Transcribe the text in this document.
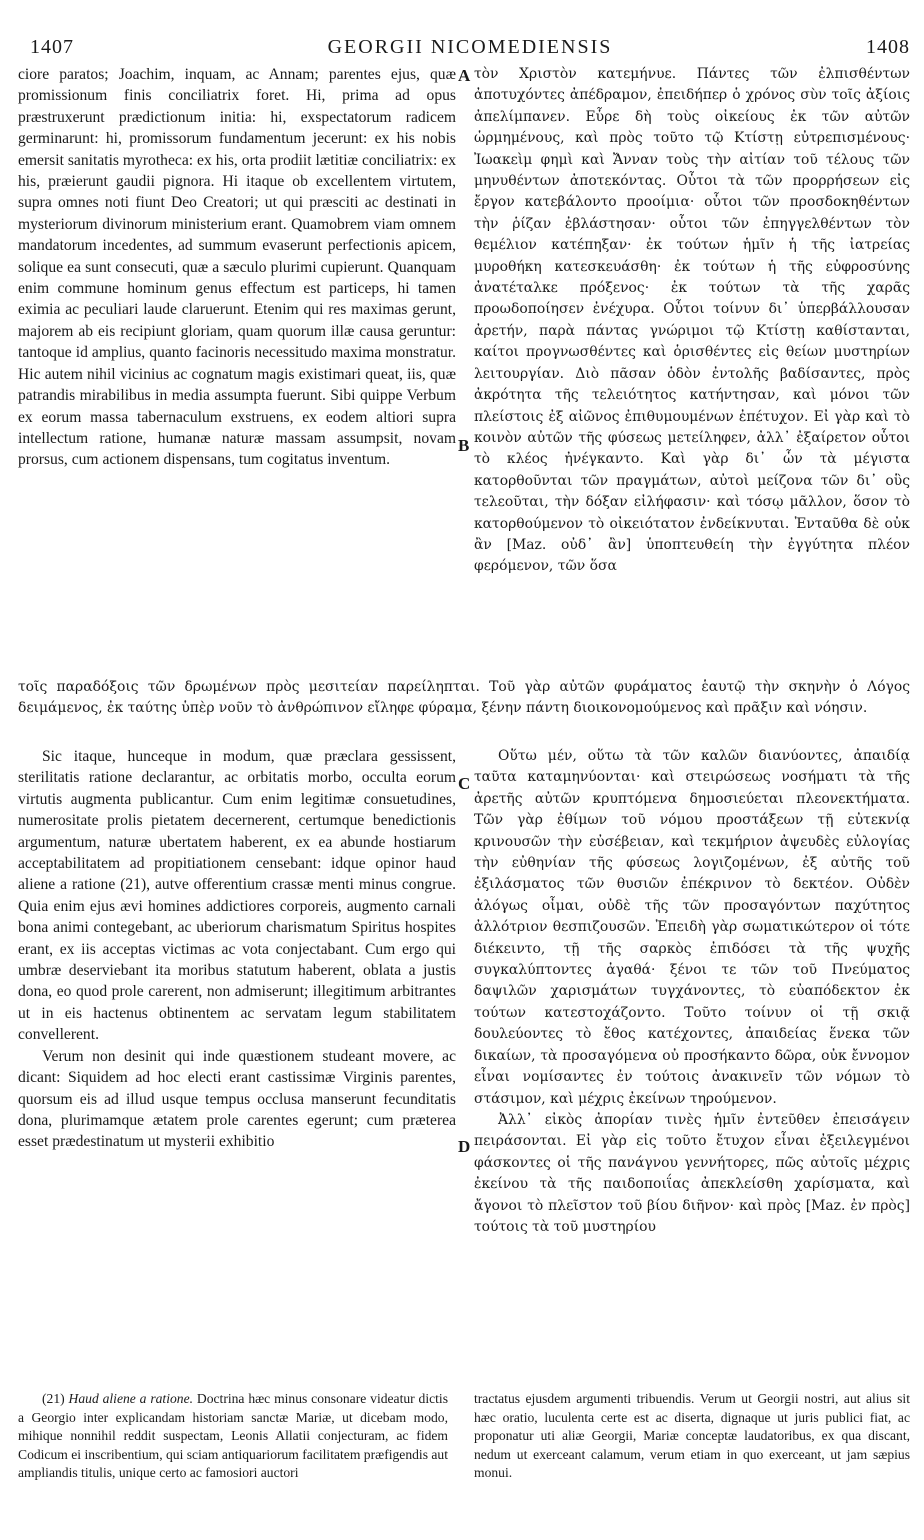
1407	GEORGII NICOMEDIENSIS	1408

ciore paratos; Joachim, inquam, ac Annam; parentes ejus, quæ promissionum finis conciliatrix foret. Hi, prima ad opus præstruxerunt prædictionum initia: hi, exspectatorum radicem germinarunt: hi, promissorum fundamentum jecerunt: ex his nobis emersit sanitatis myrothecа: ex his, orta prodiit lætitiæ conciliatrix: ex his, præierunt gaudii pignora. Hi itaque ob excellentem virtutem, supra omnes noti fiunt Deo Creatori; ut qui præsciti ac destinati in mysteriorum divinorum ministerium erant. Quamobrem viam omnem mandatorum incedentes, ad summum evaserunt perfectionis apicem, solique ea sunt consecuti, quæ a sæculo plurimi cupierunt. Quanquam enim commune hominum genus effectum est particeps, hi tamen eximia ac peculiari laude claruerunt. Etenim qui res maximas gerunt, majorem ab eis recipiunt gloriam, quam quorum illæ causa geruntur: tantoque id amplius, quanto facinoris necessitudo maxima monstratur. Hic autem nihil vicinius ac cognatum magis existimari queat, iis, quæ patrandis mirabilibus in media assumpta fuerunt. Sibi quippe Verbum ex eorum massa tabernaculum exstruens, ex eodem altiori supra intellectum ratione, humanæ naturæ massam assumpsit, novam prorsus, cum actionem dispensans, tum cogitatus inventum.

A
B

τὸν Χριστὸν κατεμήνυε. Πάντες τῶν ἐλπισθέντων ἀποτυχόντες ἀπέδραμον, ἐπειδήπερ ὁ χρόνος σὺν τοῖς ἀξίοις ἀπελίμπανεν. Εὗρε δὴ τοὺς οἰκείους ἐκ τῶν αὐτῶν ὡρμημένους, καὶ πρὸς τοῦτο τῷ Κτίστῃ εὐτρεπισμένους· Ἰωακεὶμ φημὶ καὶ Ἄνναν τοὺς τὴν αἰτίαν τοῦ τέλους τῶν μηνυθέντων ἀποτεκόντας. Οὗτοι τὰ τῶν προρρήσεων εἰς ἔργον κατεβάλοντο προοίμια· οὗτοι τῶν προσδοκηθέντων τὴν ῥίζαν ἐβλάστησαν· οὗτοι τῶν ἐπηγγελθέντων τὸν θεμέλιον κατέπηξαν· ἐκ τούτων ἡμῖν ἡ τῆς ἰατρείας μυροθήκη κατεσκευάσθη· ἐκ τούτων ἡ τῆς εὐφροσύνης ἀνατέταλκε πρόξενος· ἐκ τούτων τὰ τῆς χαρᾶς προωδοποίησεν ἐνέχυρα. Οὗτοι τοίνυν δι᾽ ὑπερβάλλουσαν ἀρετήν, παρὰ πάντας γνώριμοι τῷ Κτίστῃ καθίστανται, καίτοι προγνωσθέντες καὶ ὁρισθέντες εἰς θείων μυστηρίων λειτουργίαν. Διὸ πᾶσαν ὁδὸν ἐντολῆς βαδίσαντες, πρὸς ἀκρότητα τῆς τελειότητος κατήντησαν, καὶ μόνοι τῶν πλείστοις ἐξ αἰῶνος ἐπιθυμουμένων ἐπέτυχον. Εἰ γὰρ καὶ τὸ κοινὸν αὐτῶν τῆς φύσεως μετείληφεν, ἀλλ᾽ ἐξαίρετον οὗτοι τὸ κλέος ἠνέγκαντο. Καὶ γὰρ δι᾽ ὧν τὰ μέγιστα κατορθοῦνται τῶν πραγμάτων, αὐτοὶ μείζονα τῶν δι᾽ οὓς τελεοῦται, τὴν δόξαν εἰλήφασιν· καὶ τόσῳ μᾶλλον, ὅσον τὸ κατορθούμενον τὸ οἰκειότατον ἐνδείκνυται. Ἐνταῦθα δὲ οὐκ ἂν [Maz. οὐδ᾽ ἂν] ὑποπτευθείη τὴν ἐγγύτητα πλέον φερόμενον, τῶν ὅσα

τοῖς παραδόξοις τῶν δρωμένων πρὸς μεσιτείαν παρείληπται. Τοῦ γὰρ αὐτῶν φυράματος ἑαυτῷ τὴν σκηνὴν ὁ Λόγος δειμάμενος, ἐκ ταύτης ὑπὲρ νοῦν τὸ ἀνθρώπινον εἴληφε φύραμα, ξένην πάντη διοικονομούμενος καὶ πρᾶξιν καὶ νόησιν.

Sic itaque, hunceque in modum, quæ præclara gessissent, sterilitatis ratione declarantur, ac orbitatis morbo, occulta eorum virtutis augmenta publicantur. Cum enim legitimæ consuetudines, numerositate prolis pietatem decernerent, certumque benedictionis argumentum, naturæ ubertatem haberent, ex ea abunde hostiarum acceptabilitatem ad propitiationem censebant: idque opinor haud aliene a ratione (21), autve offerentium crassæ menti minus congrue. Quia enim ejus ævi homines addictiores corporeis, augmento carnali bona animi contegebant, ac uberiorum charismatum Spiritus hospites erant, ex iis acceptas victimas ac vota conjectabant. Cum ergo qui umbræ deserviebant ita moribus statutum haberent, oblata a justis dona, eo quod prole carerent, non admiserunt; illegitimum arbitrantes ut in eis hactenus obtinentem ac servatam legum stabilitatem convellerent.

Verum non desinit qui inde quæstionem studeant movere, ac dicant: Siquidem ad hoc electi erant castissimæ Virginis parentes, quorsum eis ad illud usque tempus occlusa manserunt fecunditatis dona, plurimamque ætatem prole carentes egerunt; cum præterea esset prædestinatum ut mysterii exhibitio

C
D

Οὕτω μέν, οὕτω τὰ τῶν καλῶν διανύοντες, ἀπαιδίᾳ ταῦτα καταμηνύονται· καὶ στειρώσεως νοσήματι τὰ τῆς ἀρετῆς αὐτῶν κρυπτόμενα δημοσιεύεται πλεονεκτήματα. Τῶν γὰρ ἐθίμων τοῦ νόμου προστάξεων τῇ εὐτεκνίᾳ κρινουσῶν τὴν εὐσέβειαν, καὶ τεκμήριον ἀψευδὲς εὐλογίας τὴν εὐθηνίαν τῆς φύσεως λογιζομένων, ἐξ αὐτῆς τοῦ ἐξιλάσματος τῶν θυσιῶν ἐπέκρινον τὸ δεκτέον. Οὐδὲν ἀλόγως οἶμαι, οὐδὲ τῆς τῶν προσαγόντων παχύτητος ἀλλότριον θεσπιζουσῶν. Ἐπειδὴ γὰρ σωματικώτερον οἱ τότε διέκειντο, τῇ τῆς σαρκὸς ἐπιδόσει τὰ τῆς ψυχῆς συγκαλύπτοντες ἀγαθά· ξένοι τε τῶν τοῦ Πνεύματος δαψιλῶν χαρισμάτων τυγχάνοντες, τὸ εὐαπόδεκτον ἐκ τούτων κατεστοχάζοντο. Τοῦτο τοίνυν οἱ τῇ σκιᾷ δουλεύοντες τὸ ἔθος κατέχοντες, ἀπαιδείας ἕνεκα τῶν δικαίων, τὰ προσαγόμενα οὐ προσήκαντο δῶρα, οὐκ ἔννομον εἶναι νομίσαντες ἐν τούτοις ἀνακινεῖν τῶν νόμων τὸ στάσιμον, καὶ μέχρις ἐκείνων τηρούμενον.

Ἀλλ᾽ εἰκὸς ἀπορίαν τινὲς ἡμῖν ἐντεῦθεν ἐπεισάγειν πειράσονται. Εἰ γὰρ εἰς τοῦτο ἔτυχον εἶναι ἐξειλεγμένοι φάσκοντες οἱ τῆς πανάγνου γεννήτορες, πῶς αὐτοῖς μέχρις ἐκείνου τὰ τῆς παιδοποιΐας ἀπεκλείσθη χαρίσματα, καὶ ἄγονοι τὸ πλεῖστον τοῦ βίου διῆνον· καὶ πρὸς [Maz. ἐν πρὸς] τούτοις τὰ τοῦ μυστηρίου

(21) Haud aliene a ratione. Doctrina hæc minus consonare videatur dictis a Georgio inter explicandam historiam sanctæ Mariæ, ut dicebam modo, mihique nonnihil reddit suspectam, Leonis Allatii conjecturam, ac fidem Codicum ei inscribentium, qui sciam antiquariorum facilitatem præfigendis aut ampliandis titulis, unique certo ac famosiori auctori

tractatus ejusdem argumenti tribuendis. Verum ut Georgii nostri, aut alius sit hæc oratio, luculenta certe est ac diserta, dignaque ut juris publici fiat, ac proponatur uti aliæ Georgii, Mariæ conceptæ laudatoribus, ex qua discant, nedum ut exerceant calamum, verum etiam in quo exerceant, ut jam sæpius monui.
